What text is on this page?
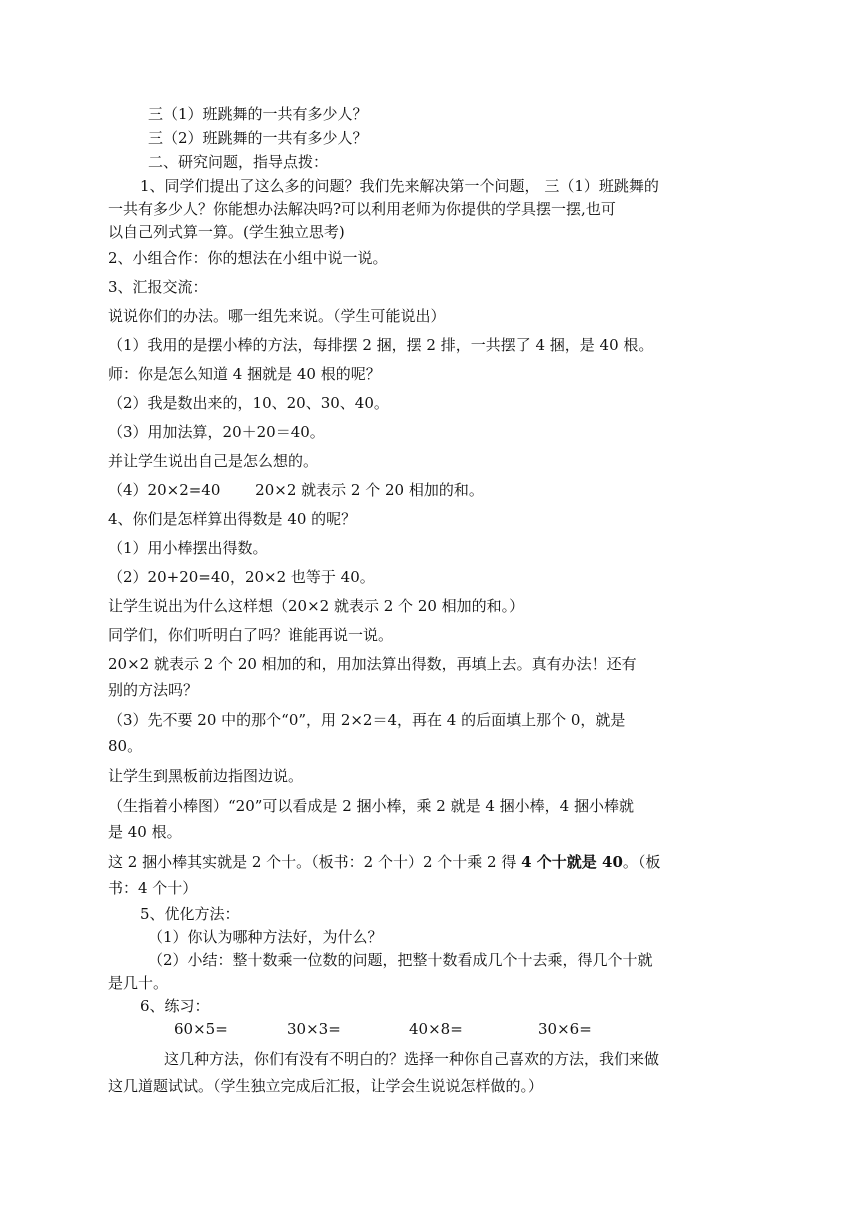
三（1）班跳舞的一共有多少人？
三（2）班跳舞的一共有多少人？
二、研究问题，指导点拨：
1、同学们提出了这么多的问题？我们先来解决第一个问题， 三（1）班跳舞的
一共有多少人？你能想办法解决吗?可以利用老师为你提供的学具摆一摆,也可
以自己列式算一算。(学生独立思考)
2、小组合作：你的想法在小组中说一说。
3、汇报交流：
说说你们的办法。哪一组先来说。（学生可能说出）
（1）我用的是摆小棒的方法，每排摆 2 捆，摆 2 排，一共摆了 4 捆，是 40 根。
师：你是怎么知道 4 捆就是 40 根的呢？
（2）我是数出来的，10、20、30、40。
（3）用加法算，20＋20＝40。
并让学生说出自己是怎么想的。
（4）20×2=40　　 20×2 就表示 2 个 20 相加的和。
4、你们是怎样算出得数是 40 的呢？
（1）用小棒摆出得数。
（2）20+20=40，20×2 也等于 40。
让学生说出为什么这样想（20×2 就表示 2 个 20 相加的和。）
同学们，你们听明白了吗？谁能再说一说。
20×2 就表示 2 个 20 相加的和，用加法算出得数，再填上去。真有办法！还有
别的方法吗？
（3）先不要 20 中的那个“0”，用 2×2＝4，再在 4 的后面填上那个 0，就是
80。
让学生到黑板前边指图边说。
（生指着小棒图）“20”可以看成是 2 捆小棒，乘 2 就是 4 捆小棒，4 捆小棒就
是 40 根。
这 2 捆小棒其实就是 2 个十。（板书：2 个十）2 个十乘 2 得 4 个十就是 40。（板
书：4 个十）
5、优化方法：
（1）你认为哪种方法好，为什么？
（2）小结：整十数乘一位数的问题，把整十数看成几个十去乘，得几个十就
是几十。
6、练习：
60×5=	30×3=	40×8=	30×6=
这几种方法，你们有没有不明白的？选择一种你自己喜欢的方法，我们来做
这几道题试试。（学生独立完成后汇报，让学会生说说怎样做的。）
